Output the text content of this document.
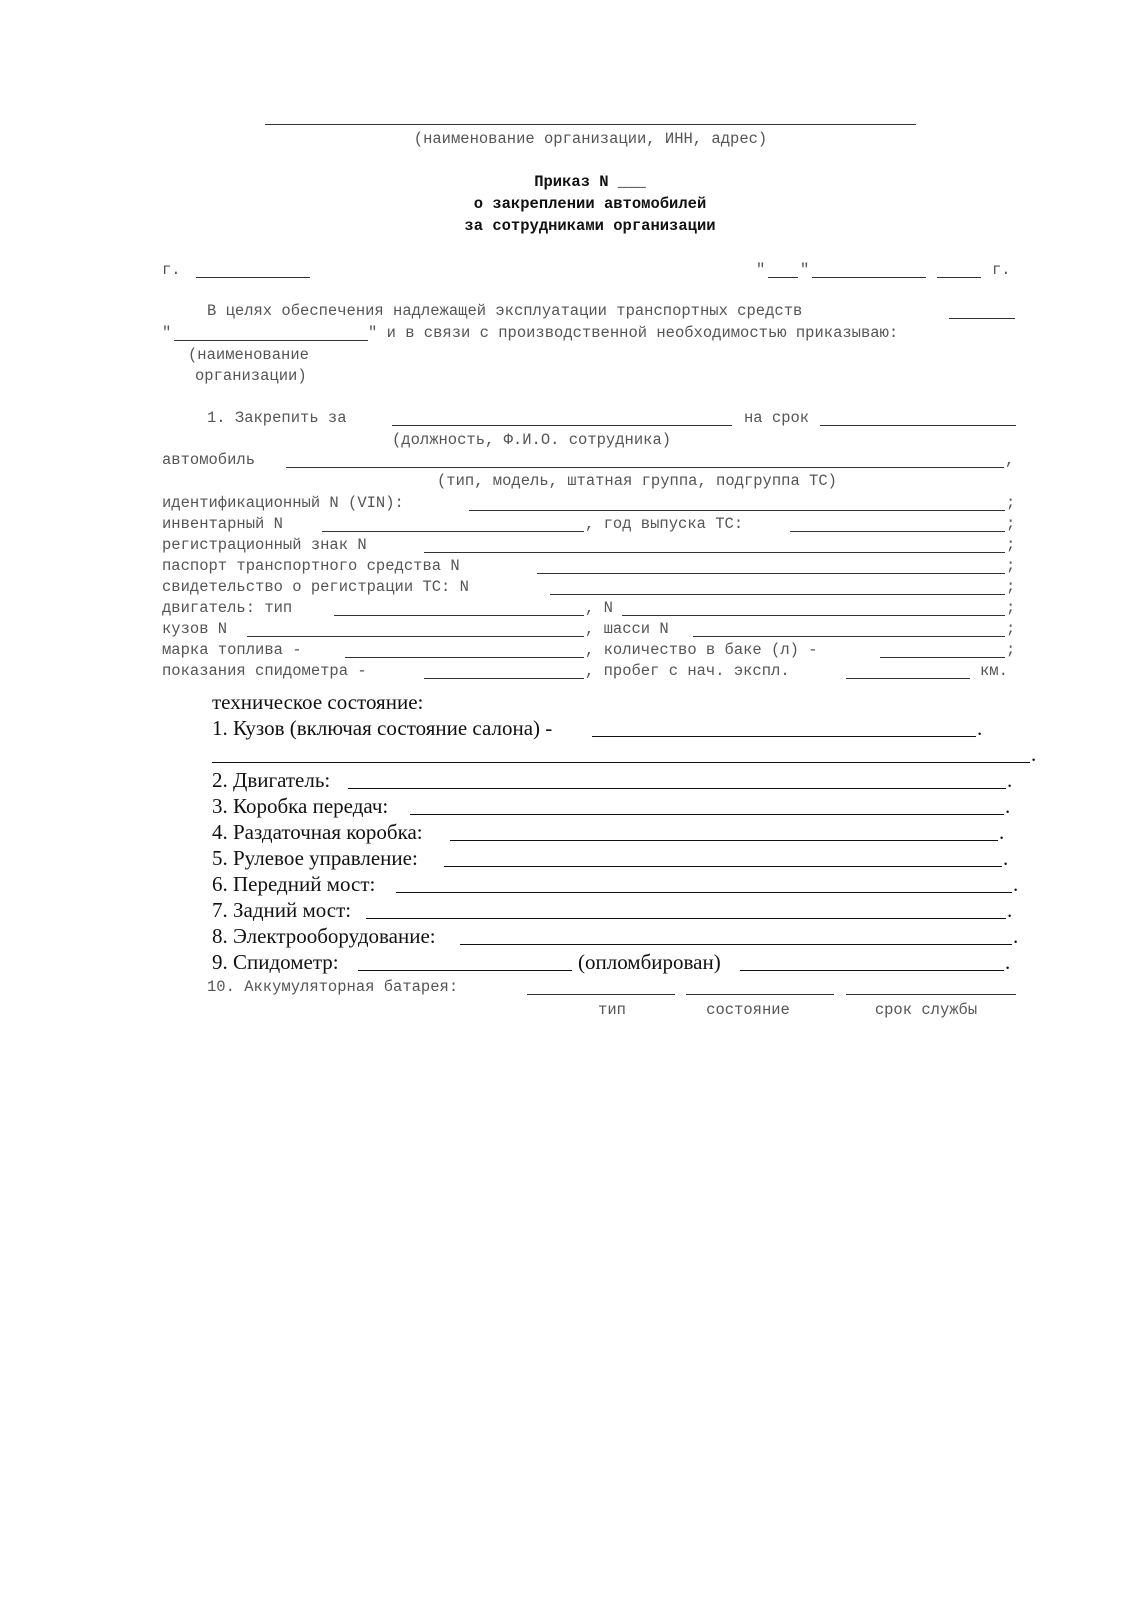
(наименование организации, ИНН, адрес)
Приказ N ___
о закреплении автомобилей
за сотрудниками организации
г.	" "	г.
В целях обеспечения надлежащей эксплуатации транспортных средств
"	" и в связи с производственной необходимостью приказываю:
(наименование
организации)
1. Закрепить за	на срок
(должность, Ф.И.О. сотрудника)
автомобиль	,
(тип, модель, штатная группа, подгруппа ТС)
идентификационный N (VIN):	;
инвентарный N	, год выпуска ТС:	;
регистрационный знак N	;
паспорт транспортного средства N	;
свидетельство о регистрации ТС: N	;
двигатель: тип	, N	;
кузов N	, шасси N	;
марка топлива -	, количество в баке (л) -	;
показания спидометра -	, пробег с нач. экспл.	км.
техническое состояние:
1. Кузов (включая состояние салона) -	.
.
2. Двигатель:	.
3. Коробка передач:	.
4. Раздаточная коробка:	.
5. Рулевое управление:	.
6. Передний мост:	.
7. Задний мост:	.
8. Электрооборудование:	.
9. Спидометр:	(опломбирован)	.
10. Аккумуляторная батарея:
тип	состояние	срок службы
